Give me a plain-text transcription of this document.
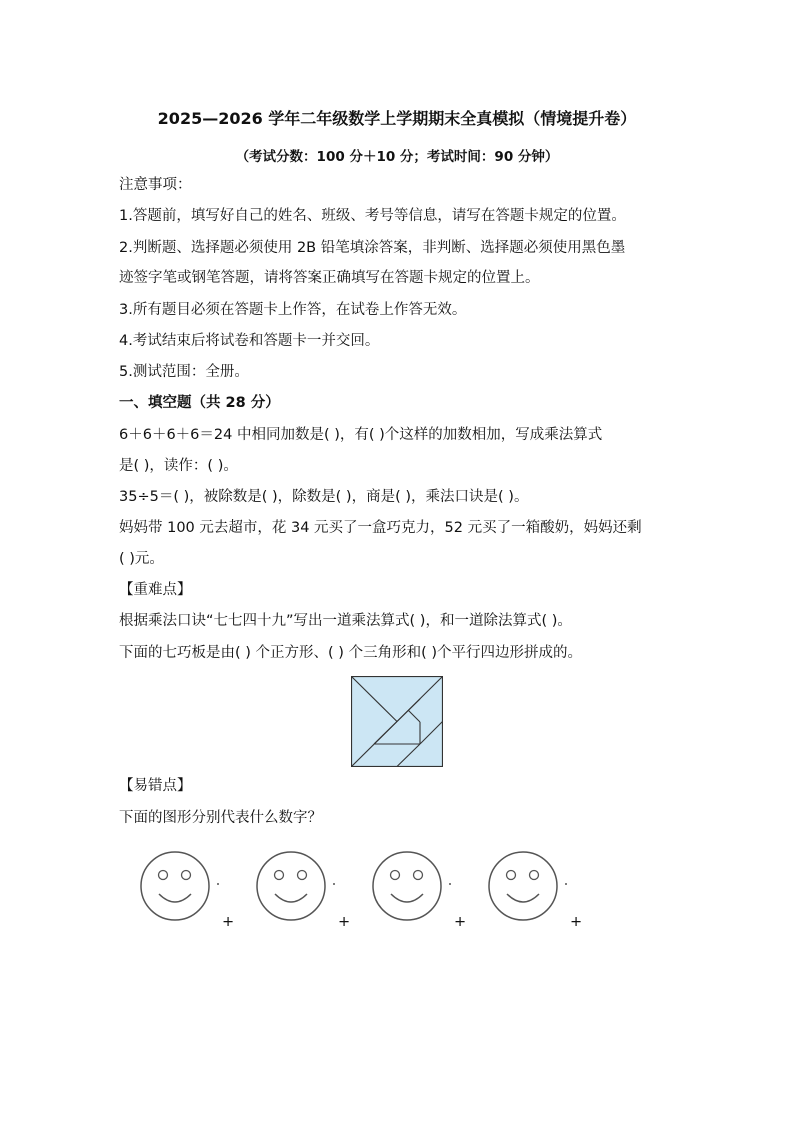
2025—2026 学年二年级数学上学期期末全真模拟（情境提升卷）
（考试分数：100 分＋10 分；考试时间：90 分钟）
注意事项：
1.答题前，填写好自己的姓名、班级、考号等信息，请写在答题卡规定的位置。
2.判断题、选择题必须使用 2B 铅笔填涂答案，非判断、选择题必须使用黑色墨
迹签字笔或钢笔答题，请将答案正确填写在答题卡规定的位置上。
3.所有题目必须在答题卡上作答，在试卷上作答无效。
4.考试结束后将试卷和答题卡一并交回。
5.测试范围：全册。
一、填空题（共 28 分）
6＋6＋6＋6＝24 中相同加数是( )，有( )个这样的加数相加，写成乘法算式
是( )，读作：( )。
35÷5＝( )，被除数是( )，除数是( )，商是( )，乘法口诀是( )。
妈妈带 100 元去超市，花 34 元买了一盒巧克力，52 元买了一箱酸奶，妈妈还剩
( )元。
【重难点】
根据乘法口诀“七七四十九”写出一道乘法算式( )，和一道除法算式( )。
下面的七巧板是由( ) 个正方形、( ) 个三角形和( )个平行四边形拼成的。
【易错点】
下面的图形分别代表什么数字？
+	+	+	+
